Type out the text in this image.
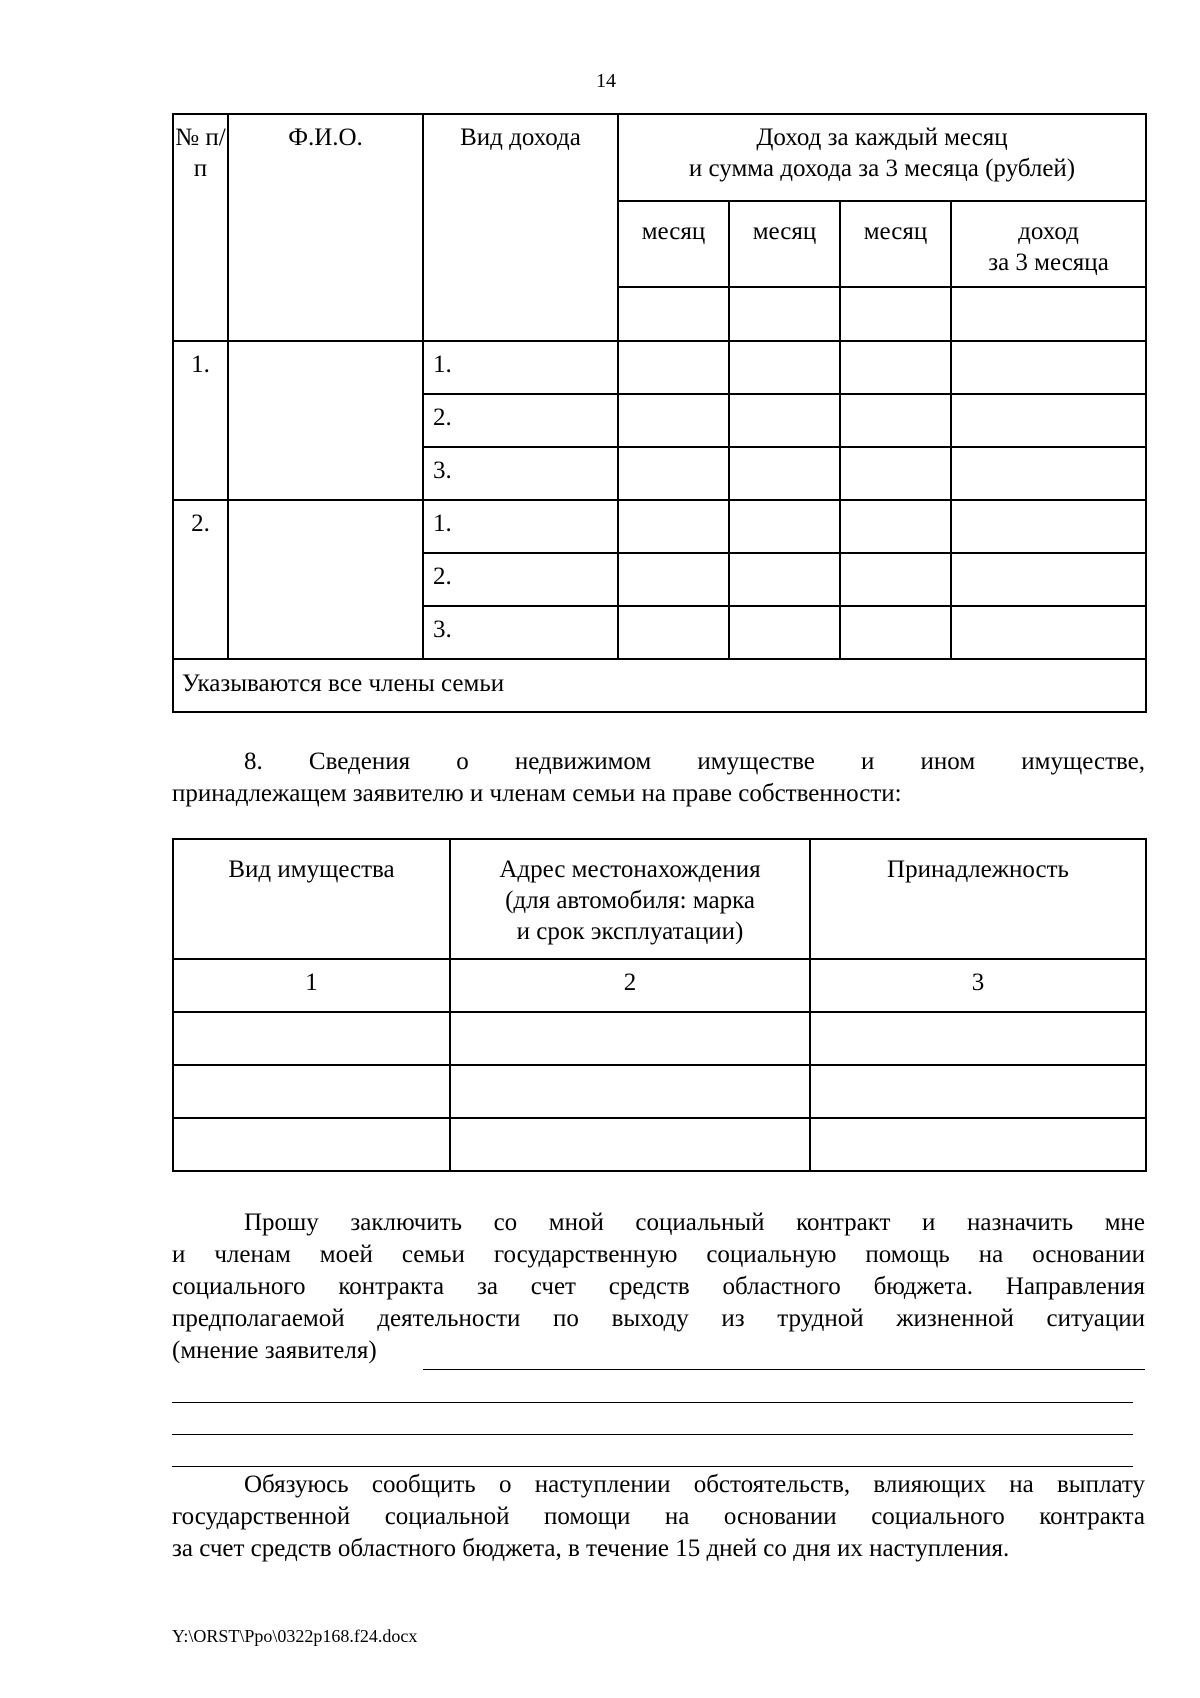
14
№ п/п	Ф.И.О.	Вид дохода	Доход за каждый месяц
и сумма дохода за 3 месяца (рублей)			

			месяц	месяц	месяц	доход
за 3 месяца

1.		1.				
		2.				
		3.				
2.		1.				
		2.				
		3.				
Указываются все члены семьи						
8. Сведения о недвижимом имуществе и ином имуществе,
принадлежащем заявителю и членам семьи на праве собственности:
Вид имущества	Адрес местонахождения
(для автомобиля: марка
и срок эксплуатации)	Принадлежность
1	2	3

Прошу заключить со мной социальный контракт и назначить мне
и членам моей семьи государственную социальную помощь на основании
социального контракта за счет средств областного бюджета. Направления
предполагаемой деятельности по выходу из трудной жизненной ситуации
(мнение заявителя)
Обязуюсь сообщить о наступлении обстоятельств, влияющих на выплату
государственной социальной помощи на основании социального контракта
за счет средств областного бюджета, в течение 15 дней со дня их наступления.
Y:\ORST\Ppo\0322p168.f24.docx
